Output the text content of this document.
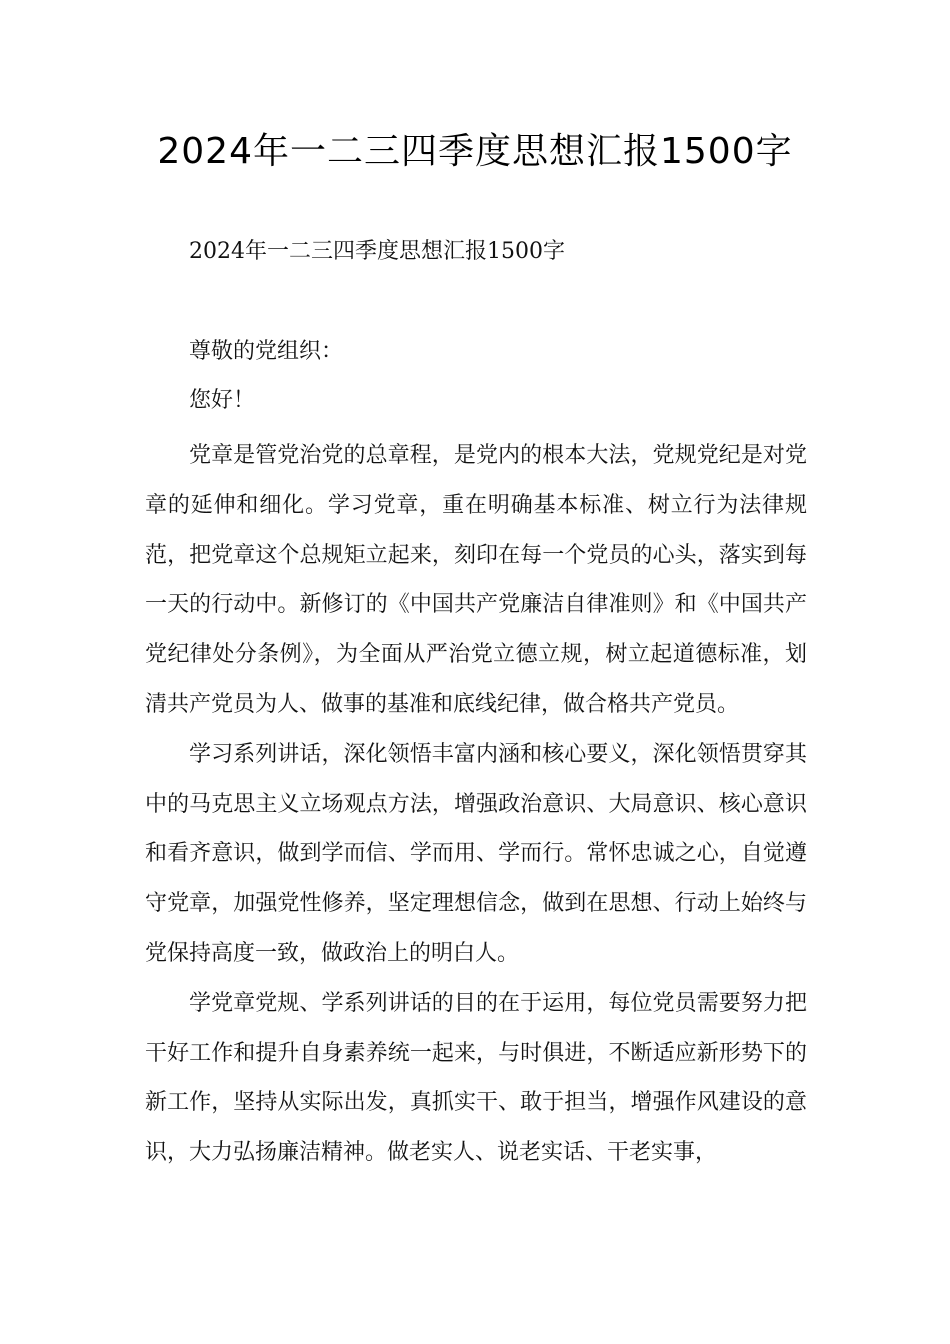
2024年一二三四季度思想汇报1500字
2024年一二三四季度思想汇报1500字
尊敬的党组织：
您好！

党章是管党治党的总章程，是党内的根本大法，党规党纪是对党章的延伸和细化。学习党章，重在明确基本标准、树立行为法律规范，把党章这个总规矩立起来，刻印在每一个党员的心头，落实到每一天的行动中。新修订的《中国共产党廉洁自律准则》和《中国共产党纪律处分条例》，为全面从严治党立德立规，树立起道德标准，划清共产党员为人、做事的基准和底线纪律，做合格共产党员。

学习系列讲话，深化领悟丰富内涵和核心要义，深化领悟贯穿其中的马克思主义立场观点方法，增强政治意识、大局意识、核心意识和看齐意识，做到学而信、学而用、学而行。常怀忠诚之心，自觉遵守党章，加强党性修养，坚定理想信念，做到在思想、行动上始终与党保持高度一致，做政治上的明白人。

学党章党规、学系列讲话的目的在于运用，每位党员需要努力把干好工作和提升自身素养统一起来，与时俱进，不断适应新形势下的新工作，坚持从实际出发，真抓实干、敢于担当，增强作风建设的意识，大力弘扬廉洁精神。做老实人、说老实话、干老实事，
